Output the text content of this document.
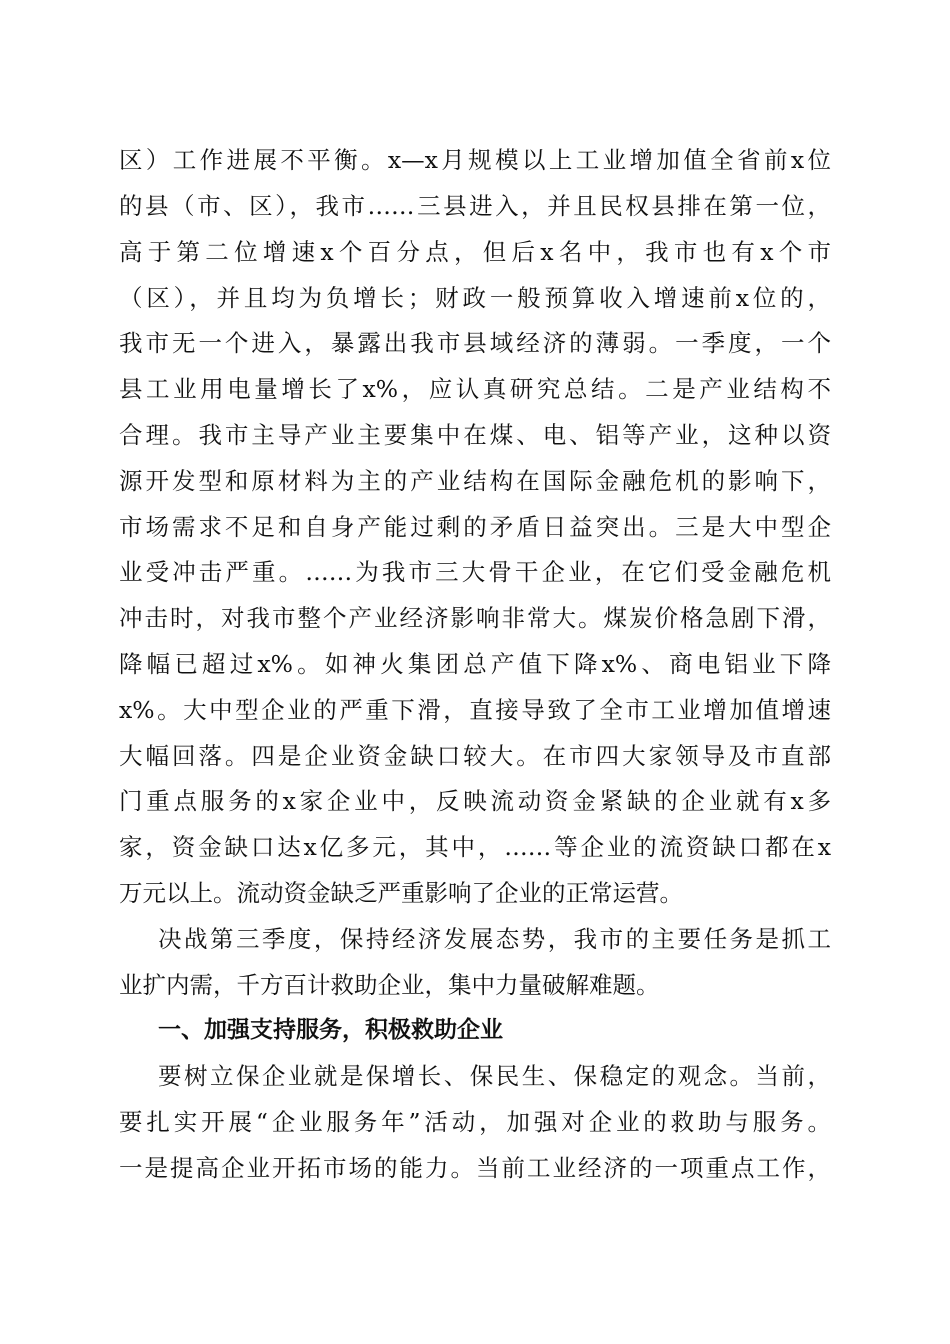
区）工作进展不平衡。x—x月规模以上工业增加值全省前x位
的县（市、区），我市……三县进入，并且民权县排在第一位，
高于第二位增速x个百分点，但后x名中，我市也有x个市
（区），并且均为负增长；财政一般预算收入增速前x位的，
我市无一个进入，暴露出我市县域经济的薄弱。一季度，一个
县工业用电量增长了x%，应认真研究总结。二是产业结构不
合理。我市主导产业主要集中在煤、电、铝等产业，这种以资
源开发型和原材料为主的产业结构在国际金融危机的影响下，
市场需求不足和自身产能过剩的矛盾日益突出。三是大中型企
业受冲击严重。……为我市三大骨干企业，在它们受金融危机
冲击时，对我市整个产业经济影响非常大。煤炭价格急剧下滑，
降幅已超过x%。如神火集团总产值下降x%、商电铝业下降
x%。大中型企业的严重下滑，直接导致了全市工业增加值增速
大幅回落。四是企业资金缺口较大。在市四大家领导及市直部
门重点服务的x家企业中，反映流动资金紧缺的企业就有x多
家，资金缺口达x亿多元，其中，……等企业的流资缺口都在x
万元以上。流动资金缺乏严重影响了企业的正常运营。
决战第三季度，保持经济发展态势，我市的主要任务是抓工
业扩内需，千方百计救助企业，集中力量破解难题。
一、加强支持服务，积极救助企业
要树立保企业就是保增长、保民生、保稳定的观念。当前，
要扎实开展“企业服务年”活动，加强对企业的救助与服务。
一是提高企业开拓市场的能力。当前工业经济的一项重点工作，
